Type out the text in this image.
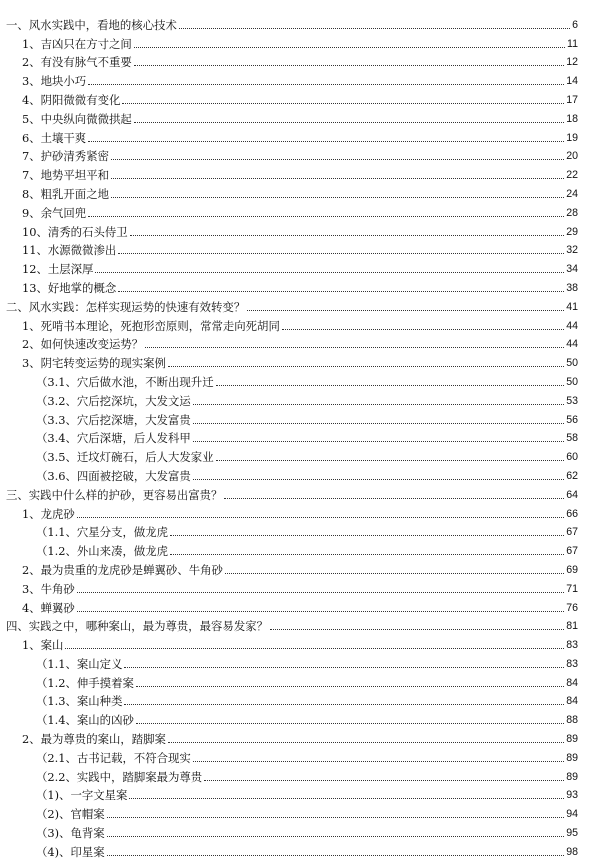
一、风水实践中，看地的核心技术	6
1、吉凶只在方寸之间	11
2、有没有脉气不重要	12
3、地块小巧	14
4、阴阳微微有变化	17
5、中央纵向微微拱起	18
6、土壤干爽	19
7、护砂清秀紧密	20
7、地势平坦平和	22
8、粗乳开面之地	24
9、余气回兜	28
10、清秀的石头侍卫	29
11、水源微微渗出	32
12、土层深厚	34
13、好地掌的概念	38
二、风水实践：怎样实现运势的快速有效转变？	41
1、死啃书本理论，死抱形峦原则，常常走向死胡同	44
2、如何快速改变运势？	44
3、阴宅转变运势的现实案例	50
（3.1、穴后做水池，不断出现升迁	50
（3.2、穴后挖深坑，大发文运	53
（3.3、穴后挖深塘，大发富贵	56
（3.4、穴后深塘，后人发科甲	58
（3.5、迁坟灯碗石，后人大发家业	60
（3.6、四面被挖破，大发富贵	62
三、实践中什么样的护砂，更容易出富贵？	64
1、龙虎砂	66
（1.1、穴星分支，做龙虎	67
（1.2、外山来凑，做龙虎	67
2、最为贵重的龙虎砂是蝉翼砂、牛角砂	69
3、牛角砂	71
4、蝉翼砂	76
四、实践之中，哪种案山，最为尊贵，最容易发家？	81
1、案山	83
（1.1、案山定义	83
（1.2、伸手摸着案	84
（1.3、案山种类	84
（1.4、案山的凶砂	88
2、最为尊贵的案山，踏脚案	89
（2.1、古书记载，不符合现实	89
（2.2、实践中，踏脚案最为尊贵	89
（1)、一字文星案	93
（2)、官帽案	94
（3)、龟背案	95
（4)、印星案	98
